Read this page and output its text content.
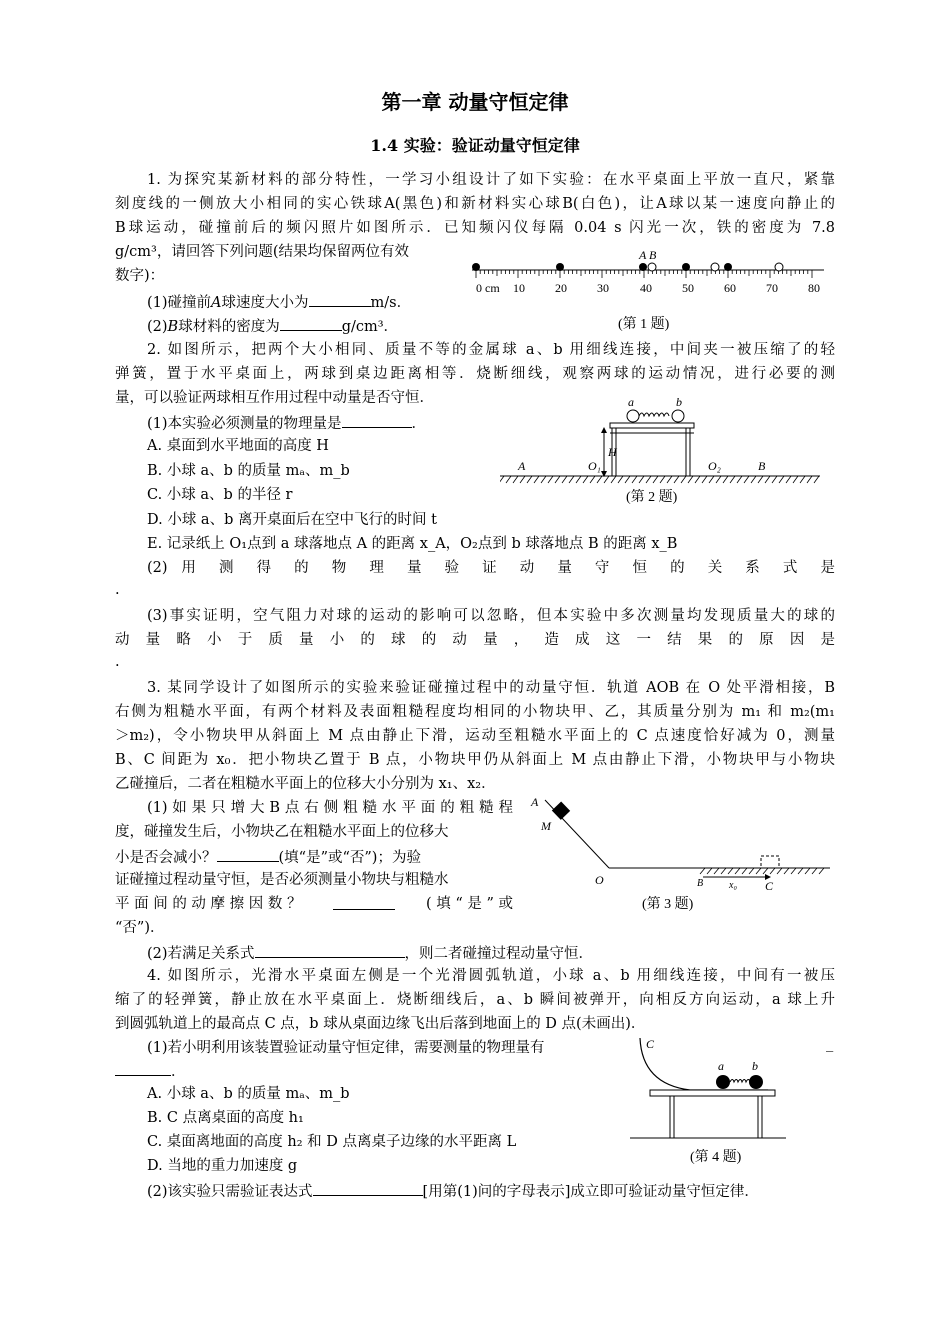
第一章 动量守恒定律
1.4 实验：验证动量守恒定律
1. 为探究某新材料的部分特性，一学习小组设计了如下实验：在水平桌面上平放一直尺，紧靠
刻度线的一侧放大小相同的实心铁球A(黑色)和新材料实心球B(白色)，让A球以某一速度向静止的
B球运动，碰撞前后的频闪照片如图所示．已知频闪仪每隔 0.04 s 闪光一次，铁的密度为 7.8
g/cm³，请回答下列问题(结果均保留两位有效
数字)：
(1)碰撞前A球速度大小为	m/s．
(2)B球材料的密度为	g/cm³．
0 cm 10	20	30	40	50	60	70	80
A B
(第 1 题)
2. 如图所示，把两个大小相同、质量不等的金属球 a、b 用细线连接，中间夹一被压缩了的轻
弹簧，置于水平桌面上，两球到桌边距离相等．烧断细线，观察两球的运动情况，进行必要的测
量，可以验证两球相互作用过程中动量是否守恒．
(1)本实验必须测量的物理量是	．
A. 桌面到水平地面的高度 H
B. 小球 a、b 的质量 mₐ、m_b
C. 小球 a、b 的半径 r
D. 小球 a、b 离开桌面后在空中飞行的时间 t
E. 记录纸上 O₁点到 a 球落地点 A 的距离 x_A，O₂点到 b 球落地点 B 的距离 x_B
(2) 用 测 得 的 物 理 量 验 证 动 量 守 恒 的 关 系 式 是
.
(3)事实证明，空气阻力对球的运动的影响可以忽略，但本实验中多次测量均发现质量大的球的
动 量 略 小 于 质 量 小 的 球 的 动 量 ， 造 成 这 一 结 果 的 原 因 是
.
a	b
H
A	O₁	O₂	B
(第 2 题)
3. 某同学设计了如图所示的实验来验证碰撞过程中的动量守恒．轨道 AOB 在 O 处平滑相接，B
右侧为粗糙水平面，有两个材料及表面粗糙程度均相同的小物块甲、乙，其质量分别为 m₁ 和 m₂(m₁
＞m₂)，令小物块甲从斜面上 M 点由静止下滑，运动至粗糙水平面上的 C 点速度恰好减为 0，测量
B、C 间距为 x₀．把小物块乙置于 B 点，小物块甲仍从斜面上 M 点由静止下滑，小物块甲与小物块
乙碰撞后，二者在粗糙水平面上的位移大小分别为 x₁、x₂．
(1) 如 果 只 增 大 B 点 右 侧 粗 糙 水 平 面 的 粗 糙 程
度，碰撞发生后，小物块乙在粗糙水平面上的位移大
小是否会减小？	(填“是”或“否”)；为验
证碰撞过程动量守恒，是否必须测量小物块与粗糙水
平 面 间 的 动 摩 擦 因 数 ？	( 填 “ 是 ” 或
“否”)．
(2)若满足关系式	，则二者碰撞过程动量守恒．
A
M
O	B	x₀ C
(第 3 题)
4. 如图所示，光滑水平桌面左侧是一个光滑圆弧轨道，小球 a、b 用细线连接，中间有一被压
缩了的轻弹簧，静止放在水平桌面上．烧断细线后，a、b 瞬间被弹开，向相反方向运动，a 球上升
到圆弧轨道上的最高点 C 点，b 球从桌面边缘飞出后落到地面上的 D 点(未画出)．
(1)若小明利用该装置验证动量守恒定律，需要测量的物理量有	_
．
A. 小球 a、b 的质量 mₐ、m_b
B. C 点离桌面的高度 h₁
C. 桌面离地面的高度 h₂ 和 D 点离桌子边缘的水平距离 L
D. 当地的重力加速度 g
(2)该实验只需验证表达式	[用第(1)问的字母表示]成立即可验证动量守恒定律．
C
a b
(第 4 题)
